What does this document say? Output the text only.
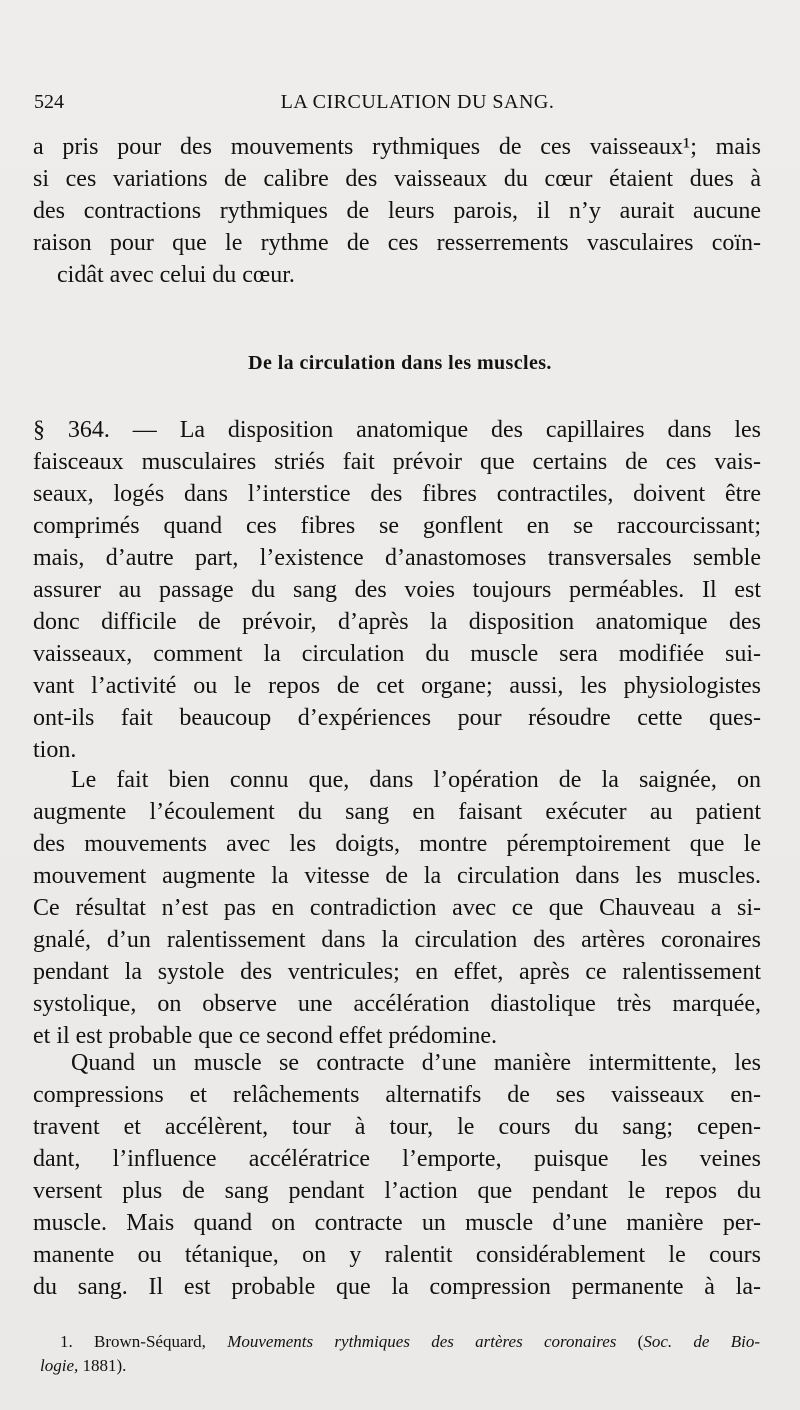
524	LA CIRCULATION DU SANG.
a pris pour des mouvements rythmiques de ces vaisseaux¹; mais
si ces variations de calibre des vaisseaux du cœur étaient dues à
des contractions rythmiques de leurs parois, il n’y aurait aucune
raison pour que le rythme de ces resserrements vasculaires coïn-
cidât avec celui du cœur.
De la circulation dans les muscles.
§ 364. — La disposition anatomique des capillaires dans les
faisceaux musculaires striés fait prévoir que certains de ces vais-
seaux, logés dans l’interstice des fibres contractiles, doivent être
comprimés quand ces fibres se gonflent en se raccourcissant;
mais, d’autre part, l’existence d’anastomoses transversales semble
assurer au passage du sang des voies toujours perméables. Il est
donc difficile de prévoir, d’après la disposition anatomique des
vaisseaux, comment la circulation du muscle sera modifiée sui-
vant l’activité ou le repos de cet organe; aussi, les physiologistes
ont-ils fait beaucoup d’expériences pour résoudre cette ques-
tion.
Le fait bien connu que, dans l’opération de la saignée, on
augmente l’écoulement du sang en faisant exécuter au patient
des mouvements avec les doigts, montre péremptoirement que le
mouvement augmente la vitesse de la circulation dans les muscles.
Ce résultat n’est pas en contradiction avec ce que Chauveau a si-
gnalé, d’un ralentissement dans la circulation des artères coronaires
pendant la systole des ventricules; en effet, après ce ralentissement
systolique, on observe une accélération diastolique très marquée,
et il est probable que ce second effet prédomine.
Quand un muscle se contracte d’une manière intermittente, les
compressions et relâchements alternatifs de ses vaisseaux en-
travent et accélèrent, tour à tour, le cours du sang; cepen-
dant, l’influence accélératrice l’emporte, puisque les veines
versent plus de sang pendant l’action que pendant le repos du
muscle. Mais quand on contracte un muscle d’une manière per-
manente ou tétanique, on y ralentit considérablement le cours
du sang. Il est probable que la compression permanente à la-
1. Brown-Séquard, Mouvements rythmiques des artères coronaires (Soc. de Bio-
logie, 1881).
